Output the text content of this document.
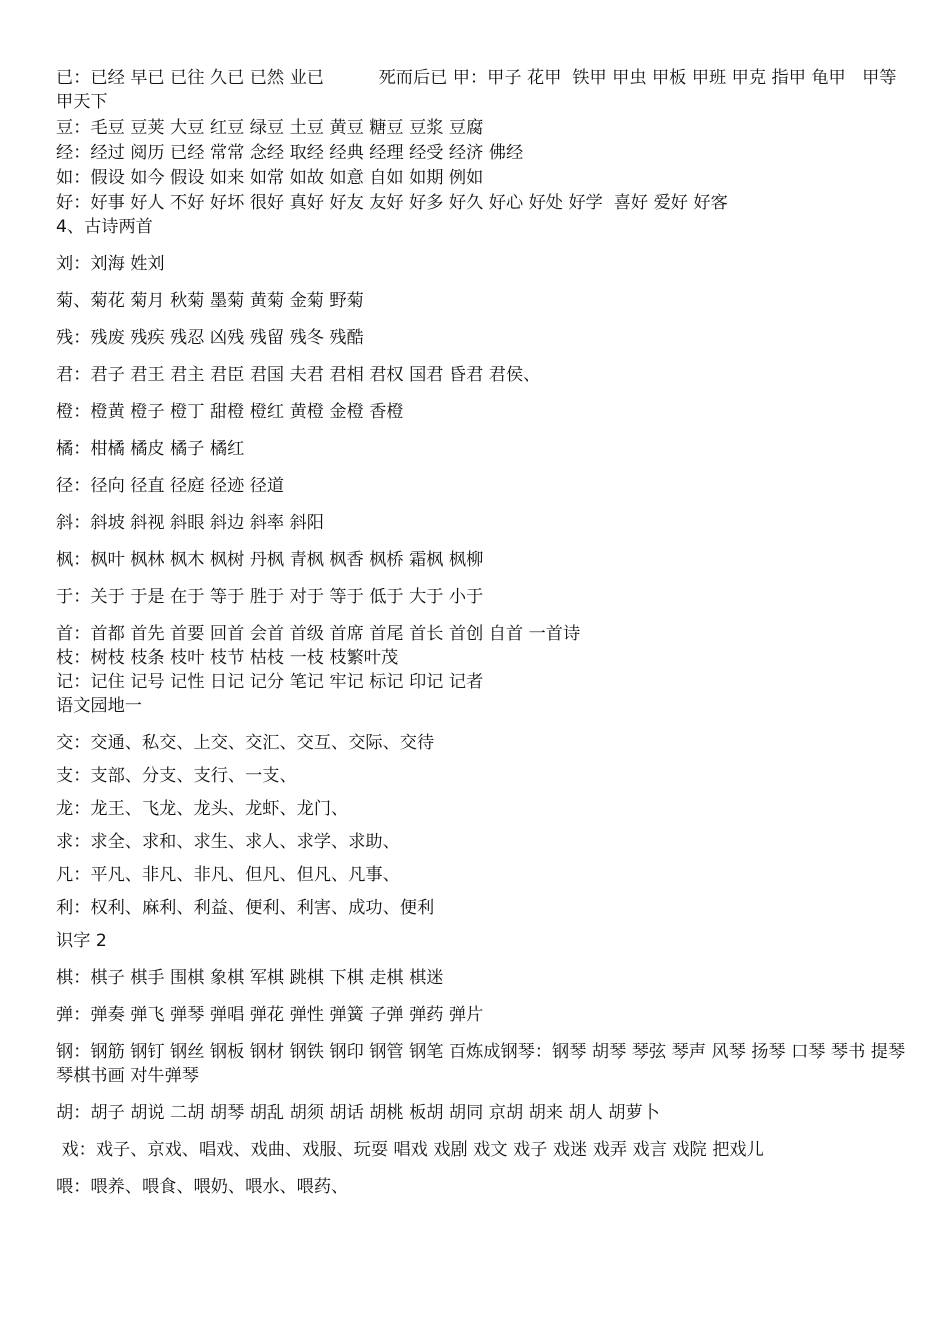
已：已经 早已 已往 久已 已然 业已          死而后已 甲：甲子 花甲  铁甲 甲虫 甲板 甲班 甲克 指甲 龟甲   甲等 甲天下
豆：毛豆 豆荚 大豆 红豆 绿豆 土豆 黄豆 糖豆 豆浆 豆腐
经：经过 阅历 已经 常常 念经 取经 经典 经理 经受 经济 佛经
如：假设 如今 假设 如来 如常 如故 如意 自如 如期 例如
好：好事 好人 不好 好坏 很好 真好 好友 友好 好多 好久 好心 好处 好学  喜好 爱好 好客
4、古诗两首
刘：刘海 姓刘
菊、菊花 菊月 秋菊 墨菊 黄菊 金菊 野菊
残：残废 残疾 残忍 凶残 残留 残冬 残酷
君：君子 君王 君主 君臣 君国 夫君 君相 君权 国君 昏君 君侯、
橙：橙黄 橙子 橙丁 甜橙 橙红 黄橙 金橙 香橙
橘：柑橘 橘皮 橘子 橘红
径：径向 径直 径庭 径迹 径道
斜：斜坡 斜视 斜眼 斜边 斜率 斜阳
枫：枫叶 枫林 枫木 枫树 丹枫 青枫 枫香 枫桥 霜枫 枫柳
于：关于 于是 在于 等于 胜于 对于 等于 低于 大于 小于
首：首都 首先 首要 回首 会首 首级 首席 首尾 首长 首创 自首 一首诗
枝：树枝 枝条 枝叶 枝节 枯枝 一枝 枝繁叶茂
记：记住 记号 记性 日记 记分 笔记 牢记 标记 印记 记者
语文园地一
交：交通、私交、上交、交汇、交互、交际、交待
支：支部、分支、支行、一支、
龙：龙王、飞龙、龙头、龙虾、龙门、
求：求全、求和、求生、求人、求学、求助、
凡：平凡、非凡、非凡、但凡、但凡、凡事、
利：权利、麻利、利益、便利、利害、成功、便利
识字 2
棋：棋子 棋手 围棋 象棋 军棋 跳棋 下棋 走棋 棋迷
弹：弹奏 弹飞 弹琴 弹唱 弹花 弹性 弹簧 子弹 弹药 弹片
钢：钢筋 钢钉 钢丝 钢板 钢材 钢铁 钢印 钢管 钢笔 百炼成钢琴：钢琴 胡琴 琴弦 琴声 风琴 扬琴 口琴 琴书 提琴 琴棋书画 对牛弹琴
胡：胡子 胡说 二胡 胡琴 胡乱 胡须 胡话 胡桃 板胡 胡同 京胡 胡来 胡人 胡萝卜
戏：戏子、京戏、唱戏、戏曲、戏服、玩耍 唱戏 戏剧 戏文 戏子 戏迷 戏弄 戏言 戏院 把戏儿
喂：喂养、喂食、喂奶、喂水、喂药、
